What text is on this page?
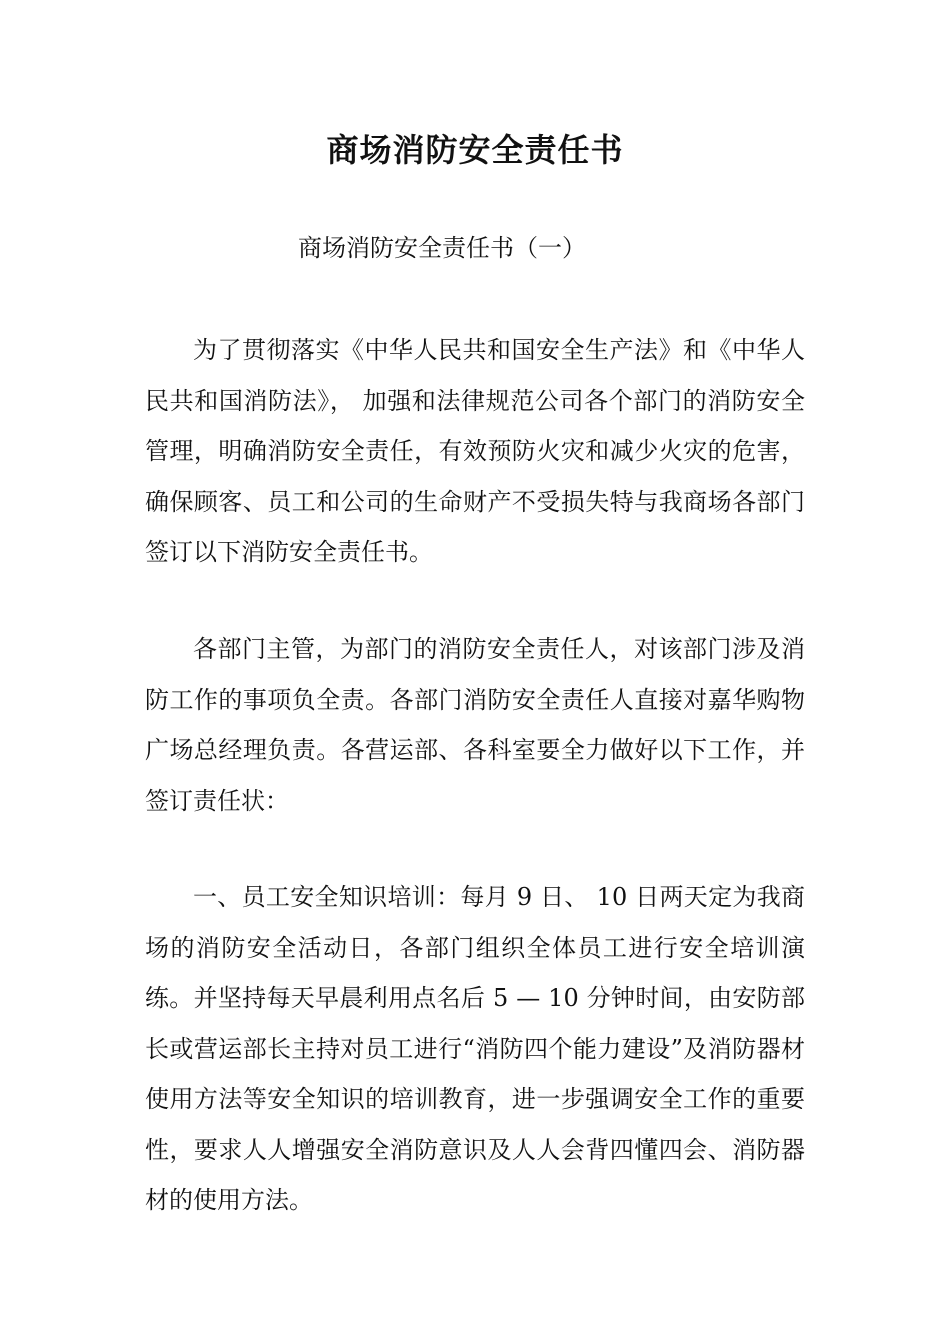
商场消防安全责任书

商场消防安全责任书（一）

为了贯彻落实《中华人民共和国安全生产法》和《中华人民共和国消防法》， 加强和法律规范公司各个部门的消防安全管理，明确消防安全责任，有效预防火灾和减少火灾的危害，确保顾客、员工和公司的生命财产不受损失特与我商场各部门签订以下消防安全责任书。

各部门主管，为部门的消防安全责任人，对该部门涉及消防工作的事项负全责。各部门消防安全责任人直接对嘉华购物广场总经理负责。各营运部、各科室要全力做好以下工作，并签订责任状：

一、员工安全知识培训：每月 9 日、 10 日两天定为我商场的消防安全活动日，各部门组织全体员工进行安全培训演练。并坚持每天早晨利用点名后 5 — 10 分钟时间，由安防部长或营运部长主持对员工进行“消防四个能力建设”及消防器材使用方法等安全知识的培训教育，进一步强调安全工作的重要性，要求人人增强安全消防意识及人人会背四懂四会、消防器材的使用方法。
